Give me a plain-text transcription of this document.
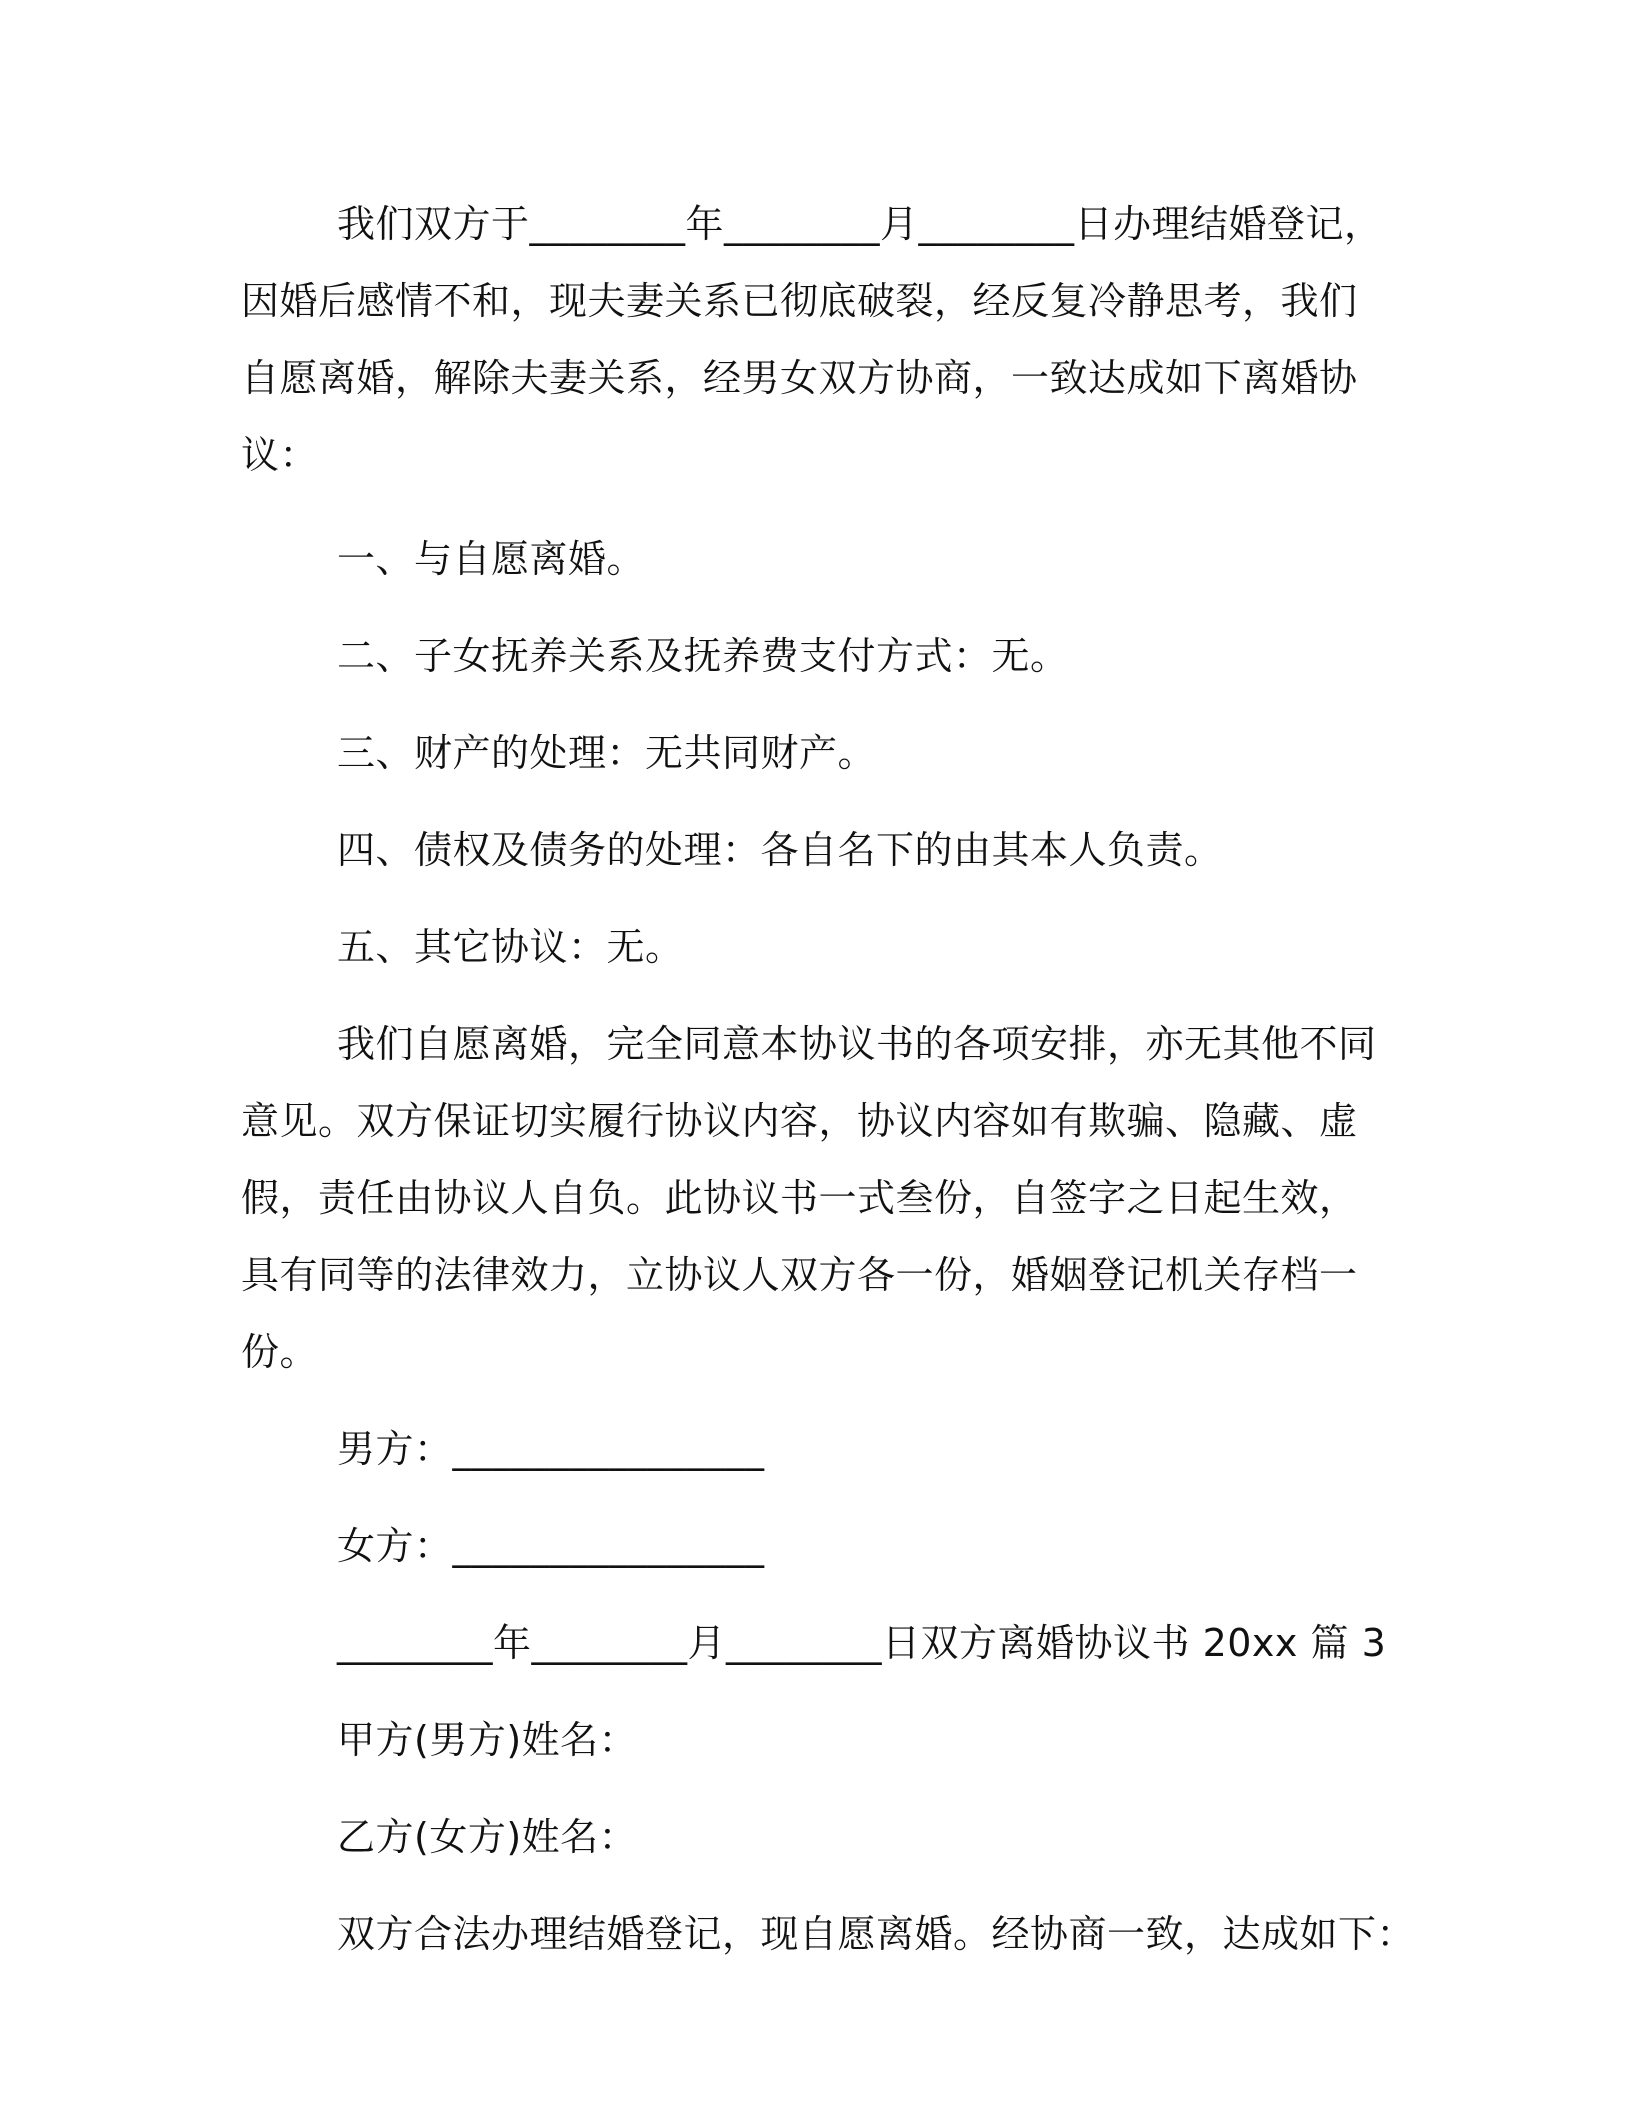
我们双方于________年________月________日办理结婚登记，因婚后感情不和，现夫妻关系已彻底破裂，经反复冷静思考，我们自愿离婚，解除夫妻关系，经男女双方协商，一致达成如下离婚协议：

一、与自愿离婚。

二、子女抚养关系及抚养费支付方式：无。

三、财产的处理：无共同财产。

四、债权及债务的处理：各自名下的由其本人负责。

五、其它协议：无。

我们自愿离婚，完全同意本协议书的各项安排，亦无其他不同意见。双方保证切实履行协议内容，协议内容如有欺骗、隐藏、虚假，责任由协议人自负。此协议书一式叁份，自签字之日起生效，具有同等的法律效力，立协议人双方各一份，婚姻登记机关存档一份。

男方：________________

女方：________________

________年________月________日双方离婚协议书 20xx 篇 3

甲方(男方)姓名：

乙方(女方)姓名：

双方合法办理结婚登记，现自愿离婚。经协商一致，达成如下：
